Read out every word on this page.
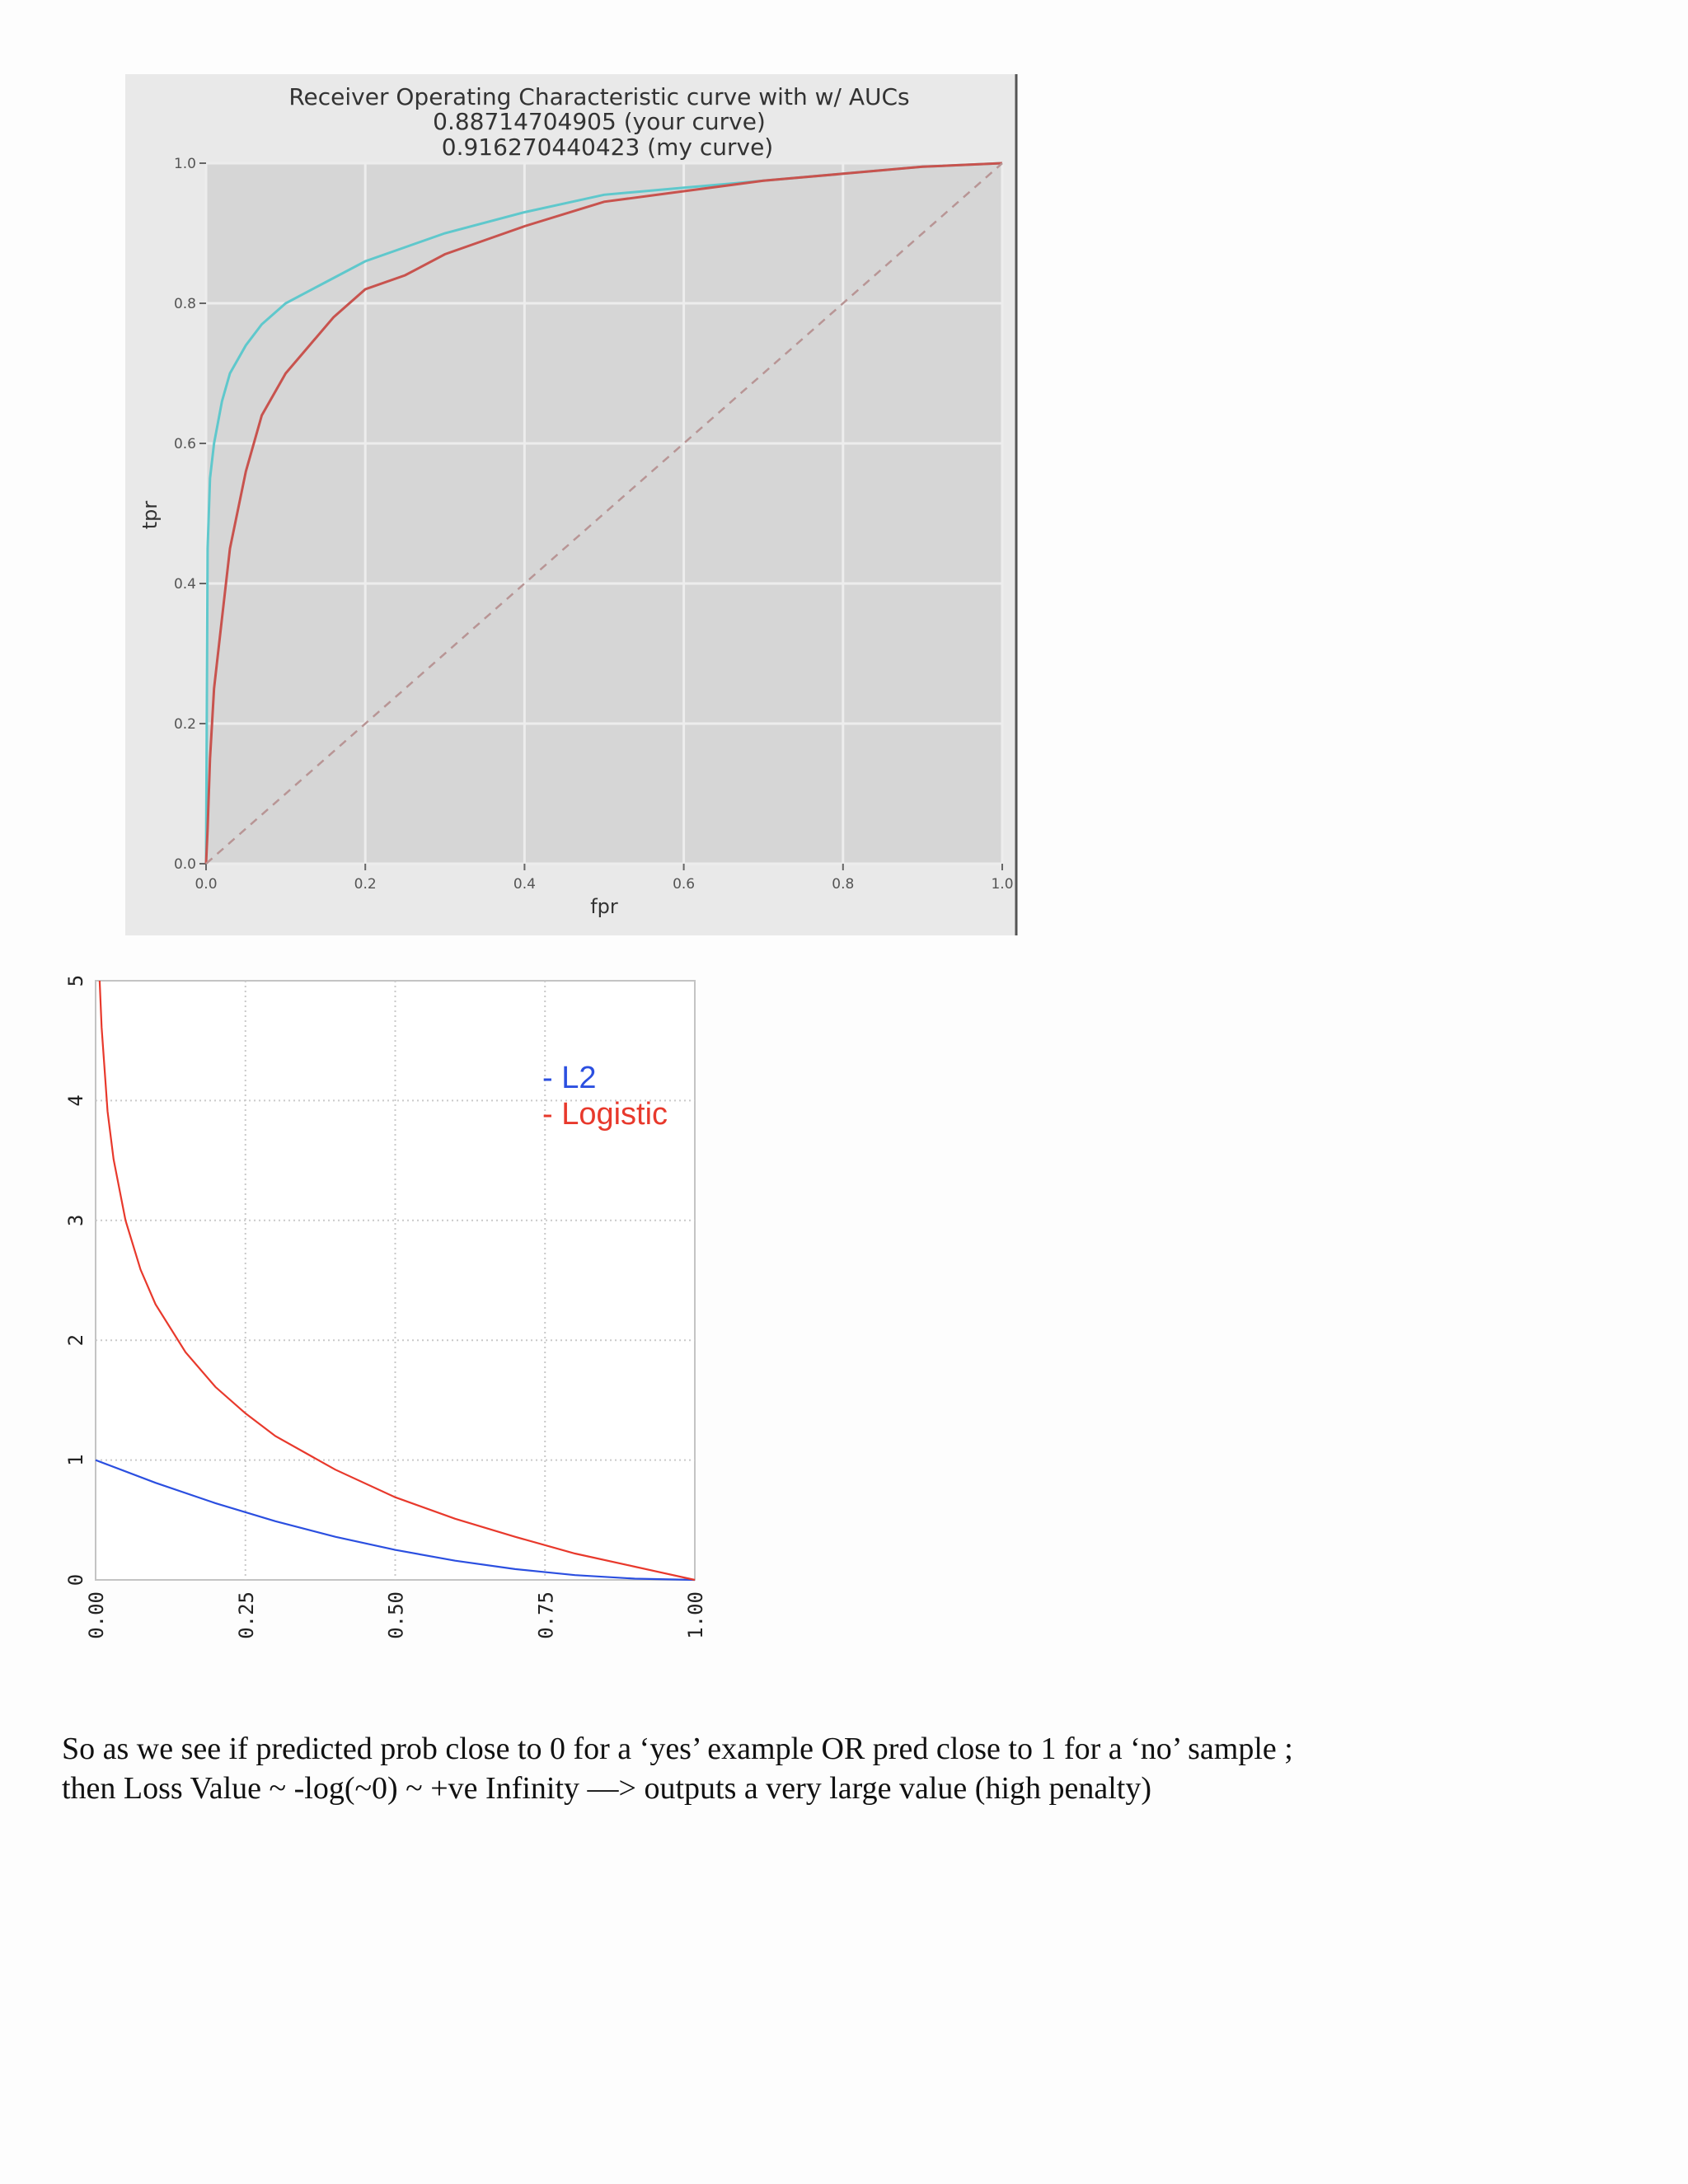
0.0	0.2	0.4	0.6	0.8	1.0
0.0
0.2
0.4
0.6
0.8
1.0
Receiver Operating Characteristic curve with w/ AUCs
0.88714704905 (your curve)
0.916270440423 (my curve)
fpr
tpr
0.00	0.25	0.50	0.75	1.00
0
1
2
3
4
5
- L2
- Logistic
So as we see if predicted prob close to 0 for a ‘yes’ example OR pred close to 1 for a ‘no’ sample ;
then Loss Value ~ -log(~0) ~ +ve Infinity —> outputs a very large value (high penalty)
